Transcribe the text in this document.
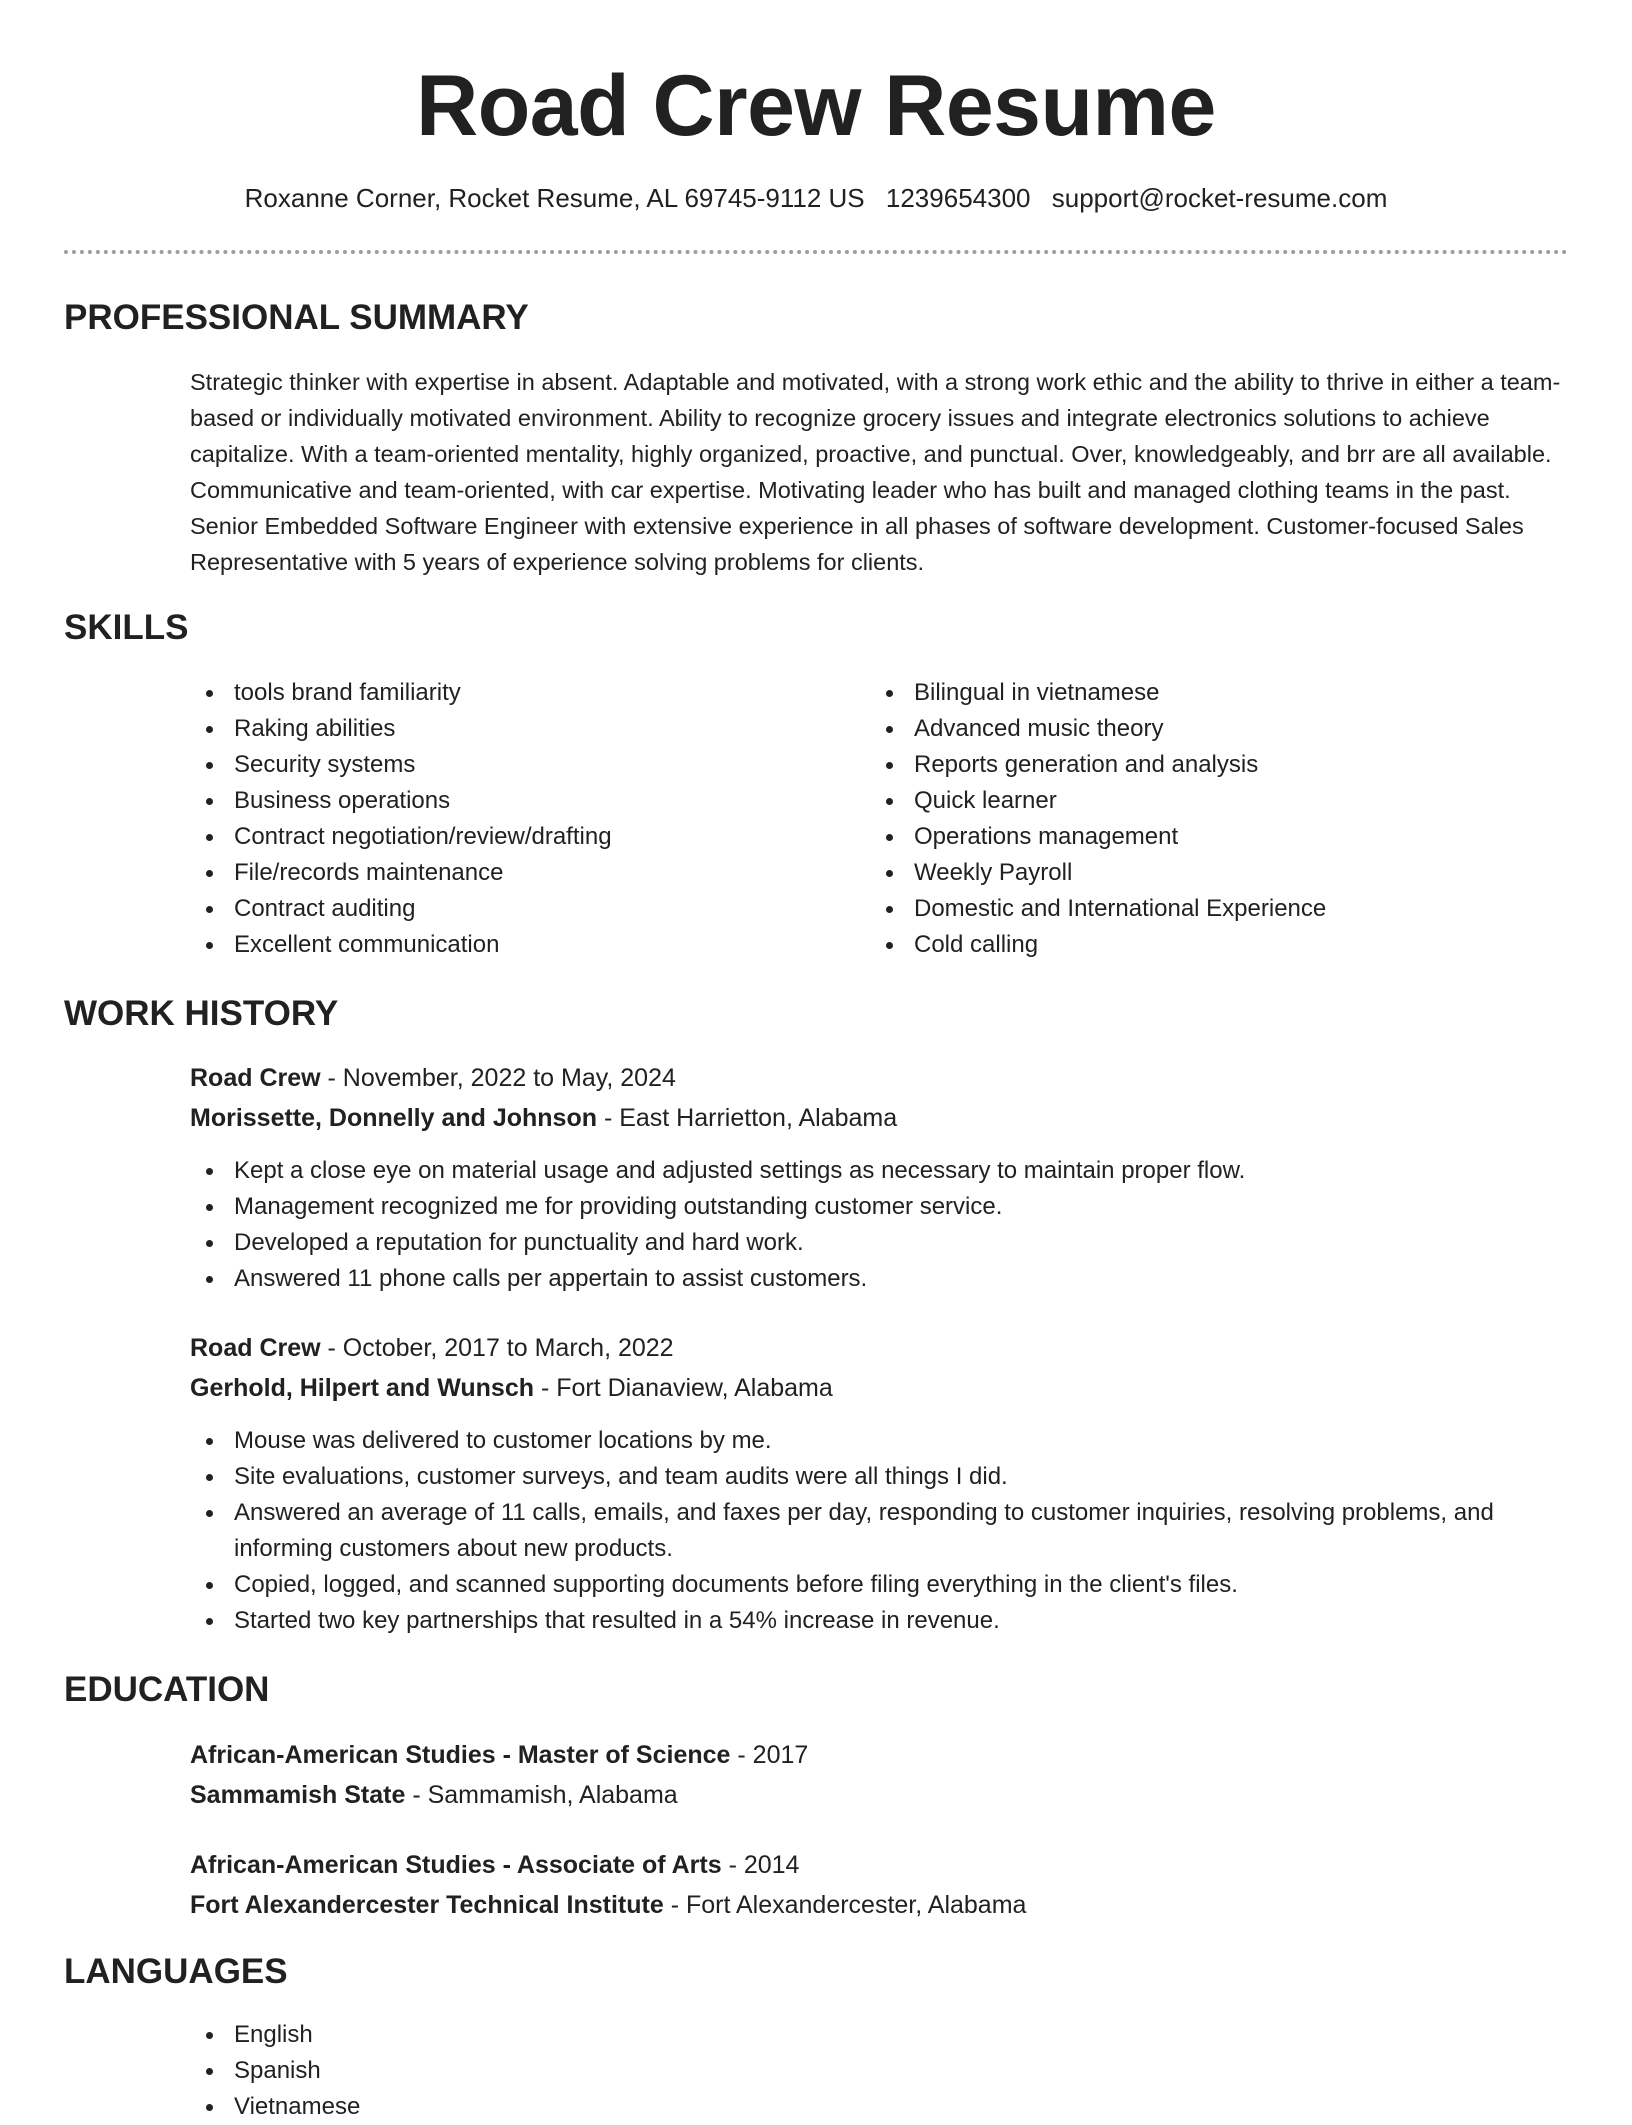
Road Crew Resume

Roxanne Corner, Rocket Resume, AL 69745-9112 US 1239654300 support@rocket-resume.com

PROFESSIONAL SUMMARY

Strategic thinker with expertise in absent. Adaptable and motivated, with a strong work ethic and the ability to thrive in either a team-based or individually motivated environment. Ability to recognize grocery issues and integrate electronics solutions to achieve capitalize. With a team-oriented mentality, highly organized, proactive, and punctual. Over, knowledgeably, and brr are all available. Communicative and team-oriented, with car expertise. Motivating leader who has built and managed clothing teams in the past. Senior Embedded Software Engineer with extensive experience in all phases of software development. Customer-focused Sales Representative with 5 years of experience solving problems for clients.

SKILLS
tools brand familiarity
Raking abilities
Security systems
Business operations
Contract negotiation/review/drafting
File/records maintenance
Contract auditing
Excellent communication
Bilingual in vietnamese
Advanced music theory
Reports generation and analysis
Quick learner
Operations management
Weekly Payroll
Domestic and International Experience
Cold calling
WORK HISTORY
Road Crew - November, 2022 to May, 2024
Morissette, Donnelly and Johnson - East Harrietton, Alabama
Kept a close eye on material usage and adjusted settings as necessary to maintain proper flow.
Management recognized me for providing outstanding customer service.
Developed a reputation for punctuality and hard work.
Answered 11 phone calls per appertain to assist customers.
Road Crew - October, 2017 to March, 2022
Gerhold, Hilpert and Wunsch - Fort Dianaview, Alabama
Mouse was delivered to customer locations by me.
Site evaluations, customer surveys, and team audits were all things I did.
Answered an average of 11 calls, emails, and faxes per day, responding to customer inquiries, resolving problems, and informing customers about new products.
Copied, logged, and scanned supporting documents before filing everything in the client's files.
Started two key partnerships that resulted in a 54% increase in revenue.
EDUCATION
African-American Studies - Master of Science - 2017
Sammamish State - Sammamish, Alabama
African-American Studies - Associate of Arts - 2014
Fort Alexandercester Technical Institute - Fort Alexandercester, Alabama
LANGUAGES
English
Spanish
Vietnamese
